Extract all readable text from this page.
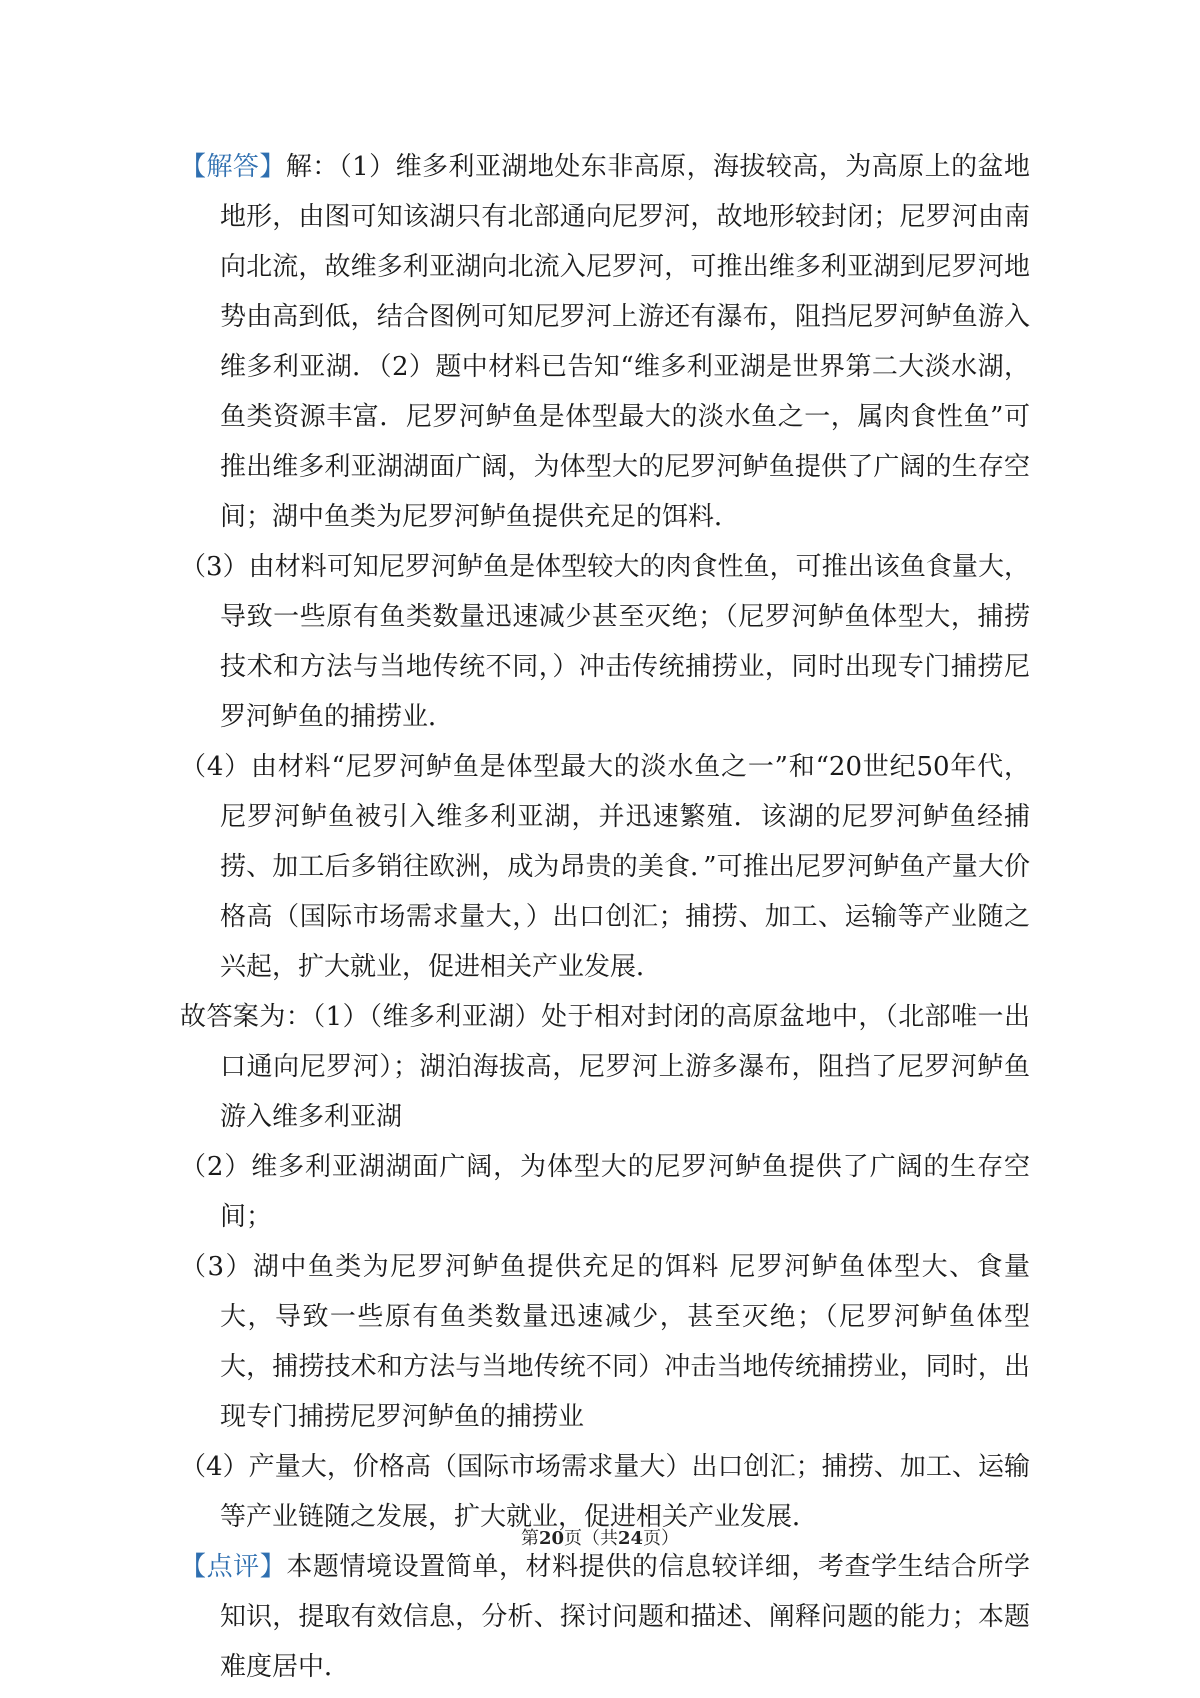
【解答】解：（1）维多利亚湖地处东非高原，海拔较高，为高原上的盆地地形，由图可知该湖只有北部通向尼罗河，故地形较封闭；尼罗河由南向北流，故维多利亚湖向北流入尼罗河，可推出维多利亚湖到尼罗河地势由高到低，结合图例可知尼罗河上游还有瀑布，阻挡尼罗河鲈鱼游入维多利亚湖．（2）题中材料已告知“维多利亚湖是世界第二大淡水湖，鱼类资源丰富．尼罗河鲈鱼是体型最大的淡水鱼之一，属肉食性鱼”可推出维多利亚湖湖面广阔，为体型大的尼罗河鲈鱼提供了广阔的生存空间；湖中鱼类为尼罗河鲈鱼提供充足的饵料．

（3）由材料可知尼罗河鲈鱼是体型较大的肉食性鱼，可推出该鱼食量大，导致一些原有鱼类数量迅速减少甚至灭绝；（尼罗河鲈鱼体型大，捕捞技术和方法与当地传统不同，）冲击传统捕捞业，同时出现专门捕捞尼罗河鲈鱼的捕捞业．

（4）由材料“尼罗河鲈鱼是体型最大的淡水鱼之一”和“20世纪50年代，尼罗河鲈鱼被引入维多利亚湖，并迅速繁殖．该湖的尼罗河鲈鱼经捕捞、加工后多销往欧洲，成为昂贵的美食．”可推出尼罗河鲈鱼产量大价格高（国际市场需求量大，）出口创汇；捕捞、加工、运输等产业随之兴起，扩大就业，促进相关产业发展．

故答案为：（1）（维多利亚湖）处于相对封闭的高原盆地中，（北部唯一出口通向尼罗河）；湖泊海拔高，尼罗河上游多瀑布，阻挡了尼罗河鲈鱼游入维多利亚湖

（2）维多利亚湖湖面广阔，为体型大的尼罗河鲈鱼提供了广阔的生存空间；

（3）湖中鱼类为尼罗河鲈鱼提供充足的饵料 尼罗河鲈鱼体型大、食量大，导致一些原有鱼类数量迅速减少，甚至灭绝；（尼罗河鲈鱼体型大，捕捞技术和方法与当地传统不同）冲击当地传统捕捞业，同时，出现专门捕捞尼罗河鲈鱼的捕捞业

（4）产量大，价格高（国际市场需求量大）出口创汇；捕捞、加工、运输等产业链随之发展，扩大就业，促进相关产业发展．

【点评】本题情境设置简单，材料提供的信息较详细，考查学生结合所学知识，提取有效信息，分析、探讨问题和描述、阐释问题的能力；本题难度居中．

第20页（共24页）
